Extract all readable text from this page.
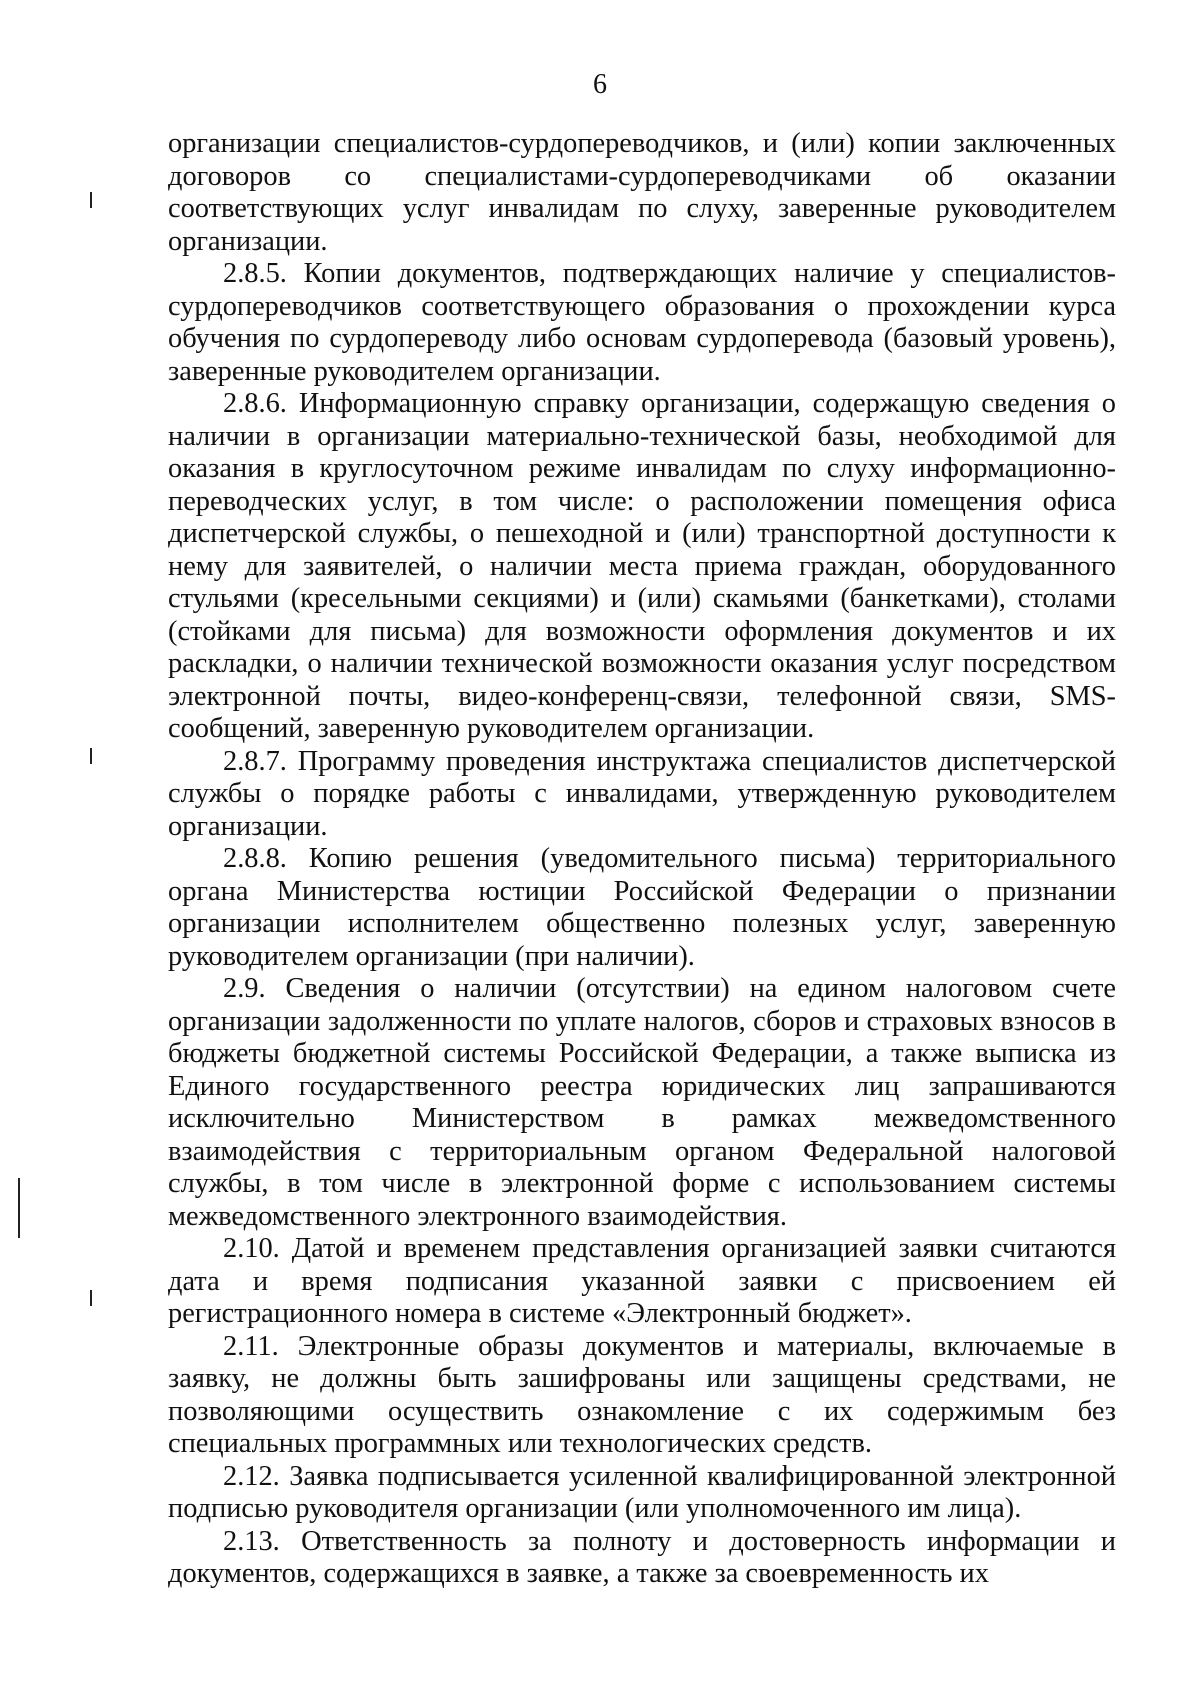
6

организации специалистов-сурдопереводчиков, и (или) копии заключенных договоров со специалистами-сурдопереводчиками об оказании соответствующих услуг инвалидам по слуху, заверенные руководителем организации.

2.8.5. Копии документов, подтверждающих наличие у специалистов-сурдопереводчиков соответствующего образования о прохождении курса обучения по сурдопереводу либо основам сурдоперевода (базовый уровень), заверенные руководителем организации.

2.8.6. Информационную справку организации, содержащую сведения о наличии в организации материально-технической базы, необходимой для оказания в круглосуточном режиме инвалидам по слуху информационно-переводческих услуг, в том числе: о расположении помещения офиса диспетчерской службы, о пешеходной и (или) транспортной доступности к нему для заявителей, о наличии места приема граждан, оборудованного стульями (кресельными секциями) и (или) скамьями (банкетками), столами (стойками для письма) для возможности оформления документов и их раскладки, о наличии технической возможности оказания услуг посредством электронной почты, видео-конференц-связи, телефонной связи, SMS-сообщений, заверенную руководителем организации.

2.8.7. Программу проведения инструктажа специалистов диспетчерской службы о порядке работы с инвалидами, утвержденную руководителем организации.

2.8.8. Копию решения (уведомительного письма) территориального органа Министерства юстиции Российской Федерации о признании организации исполнителем общественно полезных услуг, заверенную руководителем организации (при наличии).

2.9. Сведения о наличии (отсутствии) на едином налоговом счете организации задолженности по уплате налогов, сборов и страховых взносов в бюджеты бюджетной системы Российской Федерации, а также выписка из Единого государственного реестра юридических лиц запрашиваются исключительно Министерством в рамках межведомственного взаимодействия с территориальным органом Федеральной налоговой службы, в том числе в электронной форме с использованием системы межведомственного электронного взаимодействия.

2.10. Датой и временем представления организацией заявки считаются дата и время подписания указанной заявки с присвоением ей регистрационного номера в системе «Электронный бюджет».

2.11. Электронные образы документов и материалы, включаемые в заявку, не должны быть зашифрованы или защищены средствами, не позволяющими осуществить ознакомление с их содержимым без специальных программных или технологических средств.

2.12. Заявка подписывается усиленной квалифицированной электронной подписью руководителя организации (или уполномоченного им лица).

2.13. Ответственность за полноту и достоверность информации и документов, содержащихся в заявке, а также за своевременность их
